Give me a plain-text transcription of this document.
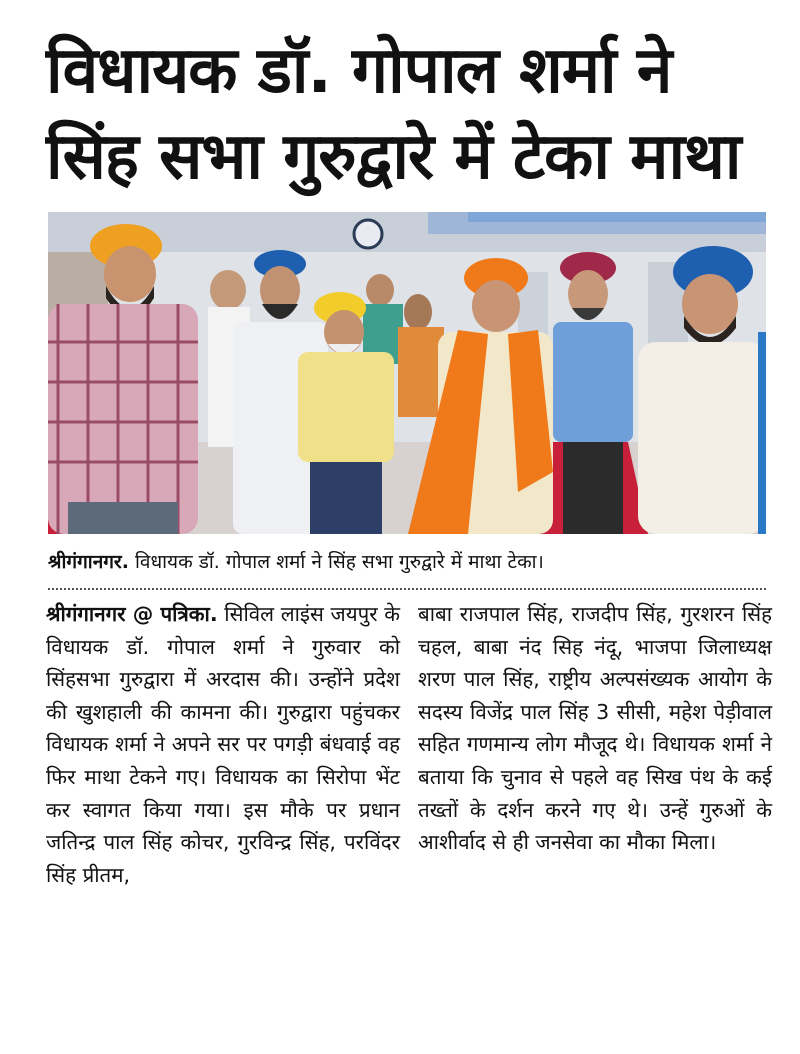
विधायक डॉ. गोपाल शर्मा ने सिंह सभा गुरुद्वारे में टेका माथा
श्रीगंगानगर. विधायक डॉ. गोपाल शर्मा ने सिंह सभा गुरुद्वारे में माथा टेका।
श्रीगंगानगर @ पत्रिका. सिविल लाइंस जयपुर के विधायक डॉ. गोपाल शर्मा ने गुरुवार को सिंहसभा गुरुद्वारा में अरदास की। उन्होंने प्रदेश की खुशहाली की कामना की। गुरुद्वारा पहुंचकर विधायक शर्मा ने अपने सर पर पगड़ी बंधवाई वह फिर माथा टेकने गए। विधायक का सिरोपा भेंट कर स्वागत किया गया। इस मौके पर प्रधान जतिन्द्र पाल सिंह कोचर, गुरविन्द्र सिंह, परविंदर सिंह प्रीतम,
बाबा राजपाल सिंह, राजदीप सिंह, गुरशरन सिंह चहल, बाबा नंद सिह नंदू, भाजपा जिलाध्यक्ष शरण पाल सिंह, राष्ट्रीय अल्पसंख्यक आयोग के सदस्य विजेंद्र पाल सिंह 3 सीसी, महेश पेड़ीवाल सहित गणमान्य लोग मौजूद थे। विधायक शर्मा ने बताया कि चुनाव से पहले वह सिख पंथ के कई तख्तों के दर्शन करने गए थे। उन्हें गुरुओं के आशीर्वाद से ही जनसेवा का मौका मिला।
